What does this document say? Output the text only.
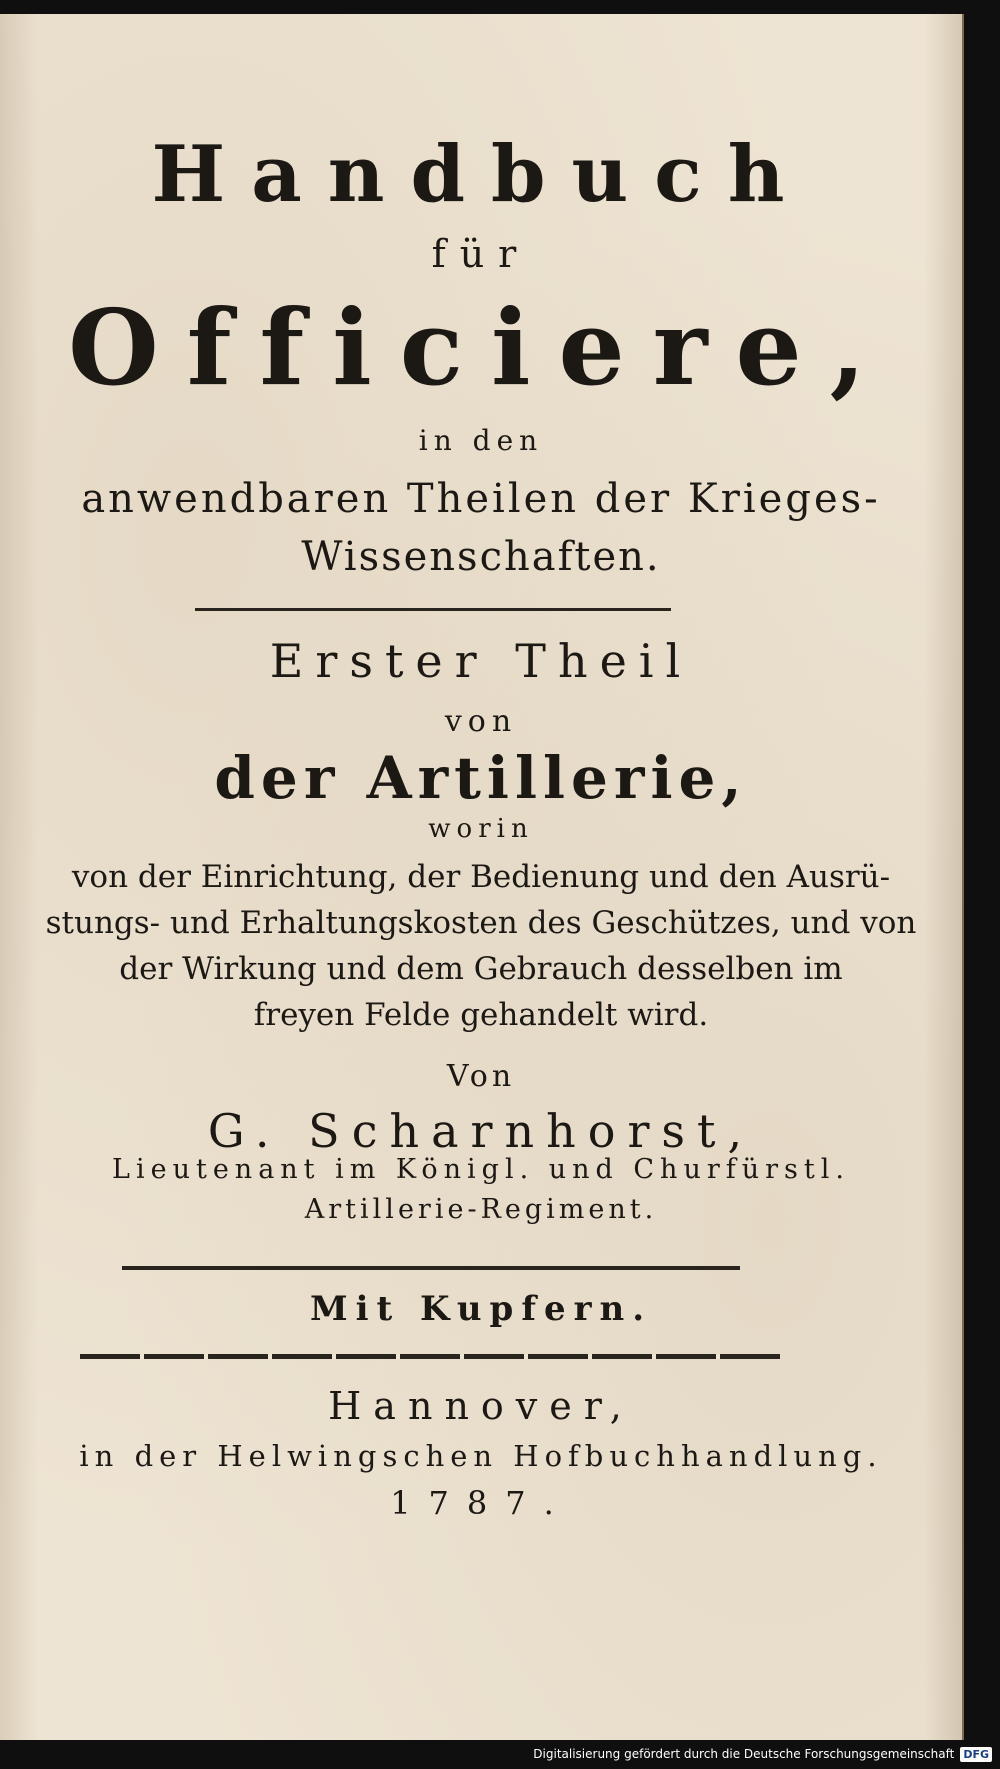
Handbuch
für
Officiere,
in den
anwendbaren Theilen der Krieges-
Wissenschaften.
Erster Theil
von
der Artillerie,
worin
von der Einrichtung, der Bedienung und den Ausrü-
stungs- und Erhaltungskosten des Geschützes, und von
der Wirkung und dem Gebrauch desselben im
freyen Felde gehandelt wird.
Von
G. Scharnhorst,
Lieutenant im Königl. und Churfürstl.
Artillerie-Regiment.
Mit Kupfern.
Hannover,
in der Helwingschen Hofbuchhandlung.
1787.
Digitalisierung gefördert durch die Deutsche Forschungsgemeinschaft DFG
